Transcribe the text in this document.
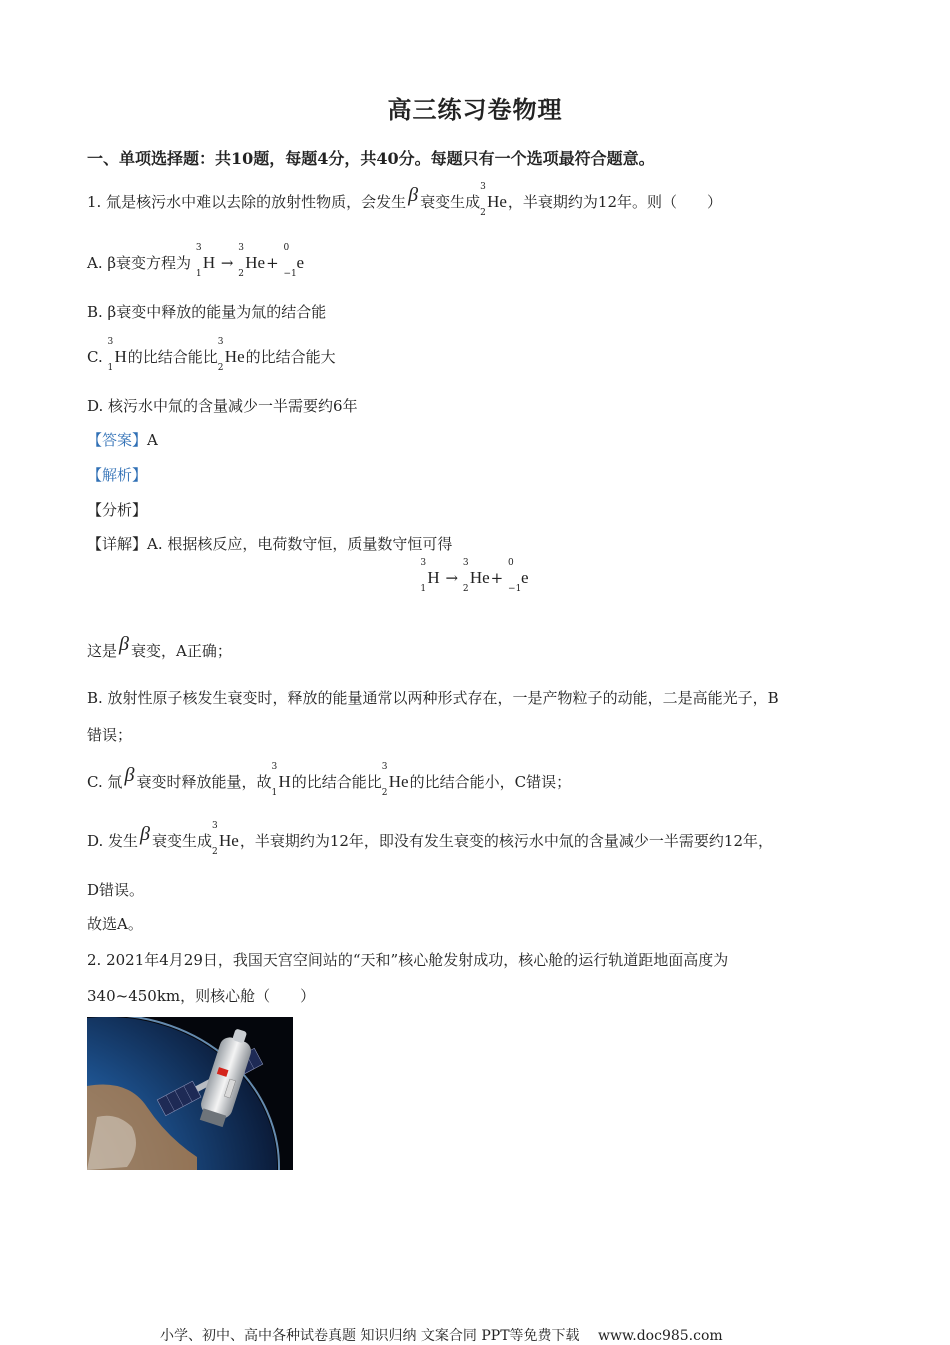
高三练习卷物理
一、单项选择题：共10题，每题4分，共40分。每题只有一个选项最符合题意。
1. 氚是核污水中难以去除的放射性物质，会发生 β 衰变生成
3
2
He，半衰期约为12年。则（　　）
A. β衰变方程为
3
1
H →
3
2
He+
0
−1
e
B. β衰变中释放的能量为氚的结合能
C.
3
1
H的比结合能比
3
2
He的比结合能大
D. 核污水中氚的含量减少一半需要约6年
【答案】A
【解析】
【分析】
【详解】A. 根据核反应，电荷数守恒，质量数守恒可得
3
1
H →
3
2
He+
0
−1
e
这是 β 衰变，A正确；
B. 放射性原子核发生衰变时，释放的能量通常以两种形式存在，一是产物粒子的动能，二是高能光子，B
错误；
C. 氚 β 衰变时释放能量，故
3
1
H的比结合能比
3
2
He的比结合能小，C错误；
D. 发生 β 衰变生成
3
2
He，半衰期约为12年，即没有发生衰变的核污水中氚的含量减少一半需要约12年，
D错误。
故选A。
2. 2021年4月29日，我国天宫空间站的“天和”核心舱发射成功，核心舱的运行轨道距地面高度为
340~450km，则核心舱（　　）
小学、初中、高中各种试卷真题 知识归纳 文案合同 PPT等免费下载　 www.doc985.com
